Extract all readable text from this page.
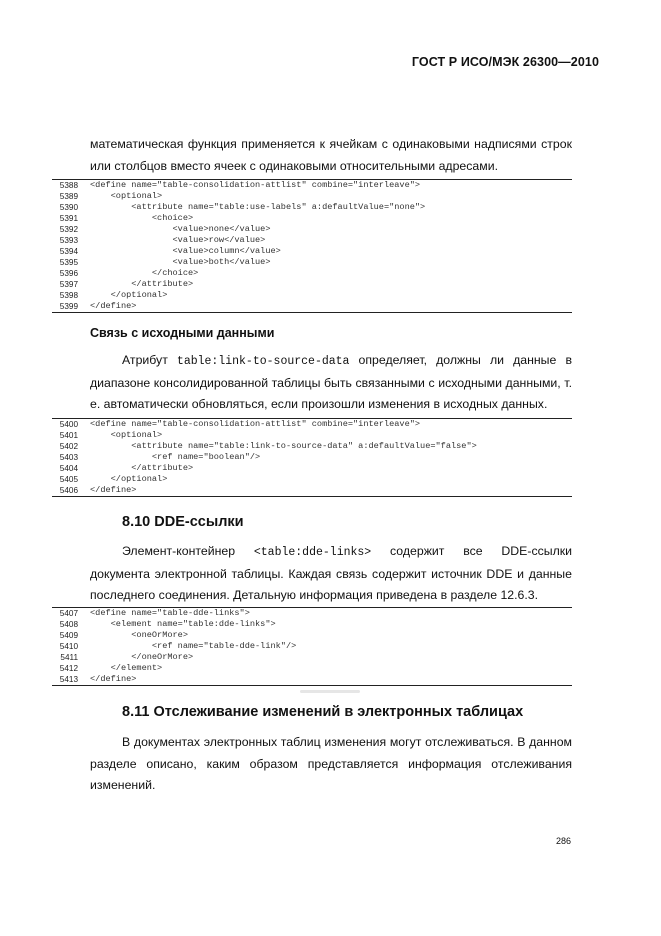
ГОСТ Р ИСО/МЭК 26300—2010
математическая функция применяется к ячейкам с одинаковыми надписями строк или столбцов вместо ячеек с одинаковыми относительными адресами.
5388 <define name="table-consolidation-attlist" combine="interleave">
5389 <optional>
5390 <attribute name="table:use-labels" a:defaultValue="none">
5391 <choice>
5392 <value>none</value>
5393 <value>row</value>
5394 <value>column</value>
5395 <value>both</value>
5396 </choice>
5397 </attribute>
5398 </optional>
5399 </define>
Связь с исходными данными
Атрибут table:link-to-source-data определяет, должны ли данные в диапазоне консолидированной таблицы быть связанными с исходными данными, т. е. автоматически обновляться, если произошли изменения в исходных данных.
5400 <define name="table-consolidation-attlist" combine="interleave">
5401 <optional>
5402 <attribute name="table:link-to-source-data" a:defaultValue="false">
5403 <ref name="boolean"/>
5404 </attribute>
5405 </optional>
5406 </define>
8.10 DDE-ссылки
Элемент-контейнер <table:dde-links> содержит все DDE-ссылки документа электронной таблицы. Каждая связь содержит источник DDE и данные последнего соединения. Детальную информация приведена в разделе 12.6.3.
5407 <define name="table-dde-links">
5408 <element name="table:dde-links">
5409 <oneOrMore>
5410 <ref name="table-dde-link"/>
5411 </oneOrMore>
5412 </element>
5413 </define>
8.11 Отслеживание изменений в электронных таблицах
В документах электронных таблиц изменения могут отслеживаться. В данном разделе описано, каким образом представляется информация отслеживания изменений.
286
